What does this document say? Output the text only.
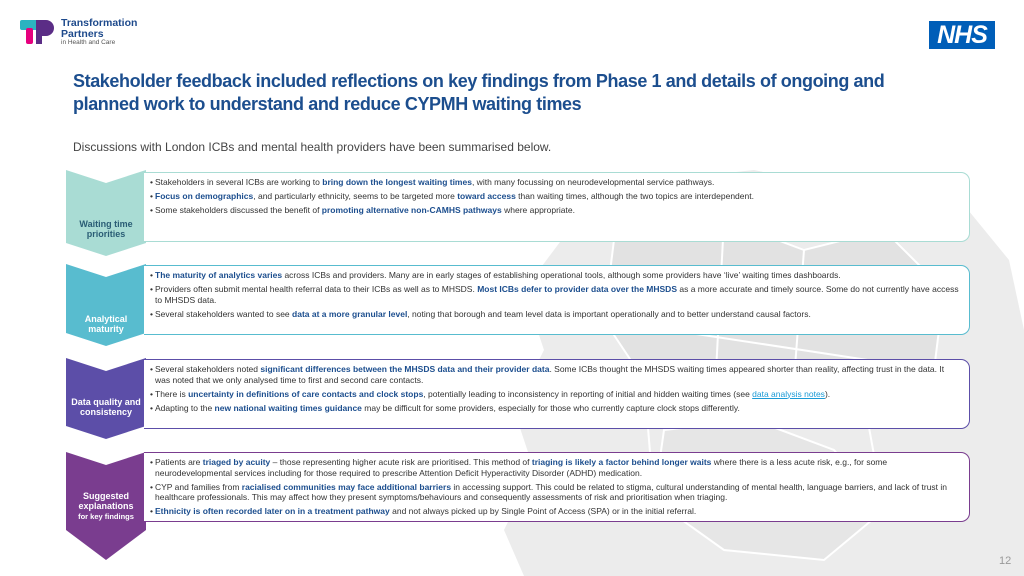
Transformation
Partners
in Health and Care	NHS
Stakeholder feedback included reflections on key findings from Phase 1 and details of ongoing and planned work to understand and reduce CYPMH waiting times
Discussions with London ICBs and mental health providers have been summarised below.
Waiting time priorities
Analytical maturity
Data quality and consistency
Suggested explanations
for key findings
• Stakeholders in several ICBs are working to bring down the longest waiting times, with many focussing on neurodevelopmental service pathways.
• Focus on demographics, and particularly ethnicity, seems to be targeted more toward access than waiting times, although the two topics are interdependent.
• Some stakeholders discussed the benefit of promoting alternative non-CAMHS pathways where appropriate.
• The maturity of analytics varies across ICBs and providers. Many are in early stages of establishing operational tools, although some providers have ‘live’ waiting times dashboards.
• Providers often submit mental health referral data to their ICBs as well as to MHSDS. Most ICBs defer to provider data over the MHSDS as a more accurate and timely source. Some do not currently have access to MHSDS data.
• Several stakeholders wanted to see data at a more granular level, noting that borough and team level data is important operationally and to better understand causal factors.
• Several stakeholders noted significant differences between the MHSDS data and their provider data. Some ICBs thought the MHSDS waiting times appeared shorter than reality, affecting trust in the data. It was noted that we only analysed time to first and second care contacts.
• There is uncertainty in definitions of care contacts and clock stops, potentially leading to inconsistency in reporting of initial and hidden waiting times (see data analysis notes).
• Adapting to the new national waiting times guidance may be difficult for some providers, especially for those who currently capture clock stops differently.
• Patients are triaged by acuity – those representing higher acute risk are prioritised. This method of triaging is likely a factor behind longer waits where there is a less acute risk, e.g., for some neurodevelopmental services including for those required to prescribe Attention Deficit Hyperactivity Disorder (ADHD) medication.
• CYP and families from racialised communities may face additional barriers in accessing support. This could be related to stigma, cultural understanding of mental health, language barriers, and lack of trust in healthcare professionals. This may affect how they present symptoms/behaviours and consequently assessments of risk and prioritisation when triaging.
• Ethnicity is often recorded later on in a treatment pathway and not always picked up by Single Point of Access (SPA) or in the initial referral.
12
